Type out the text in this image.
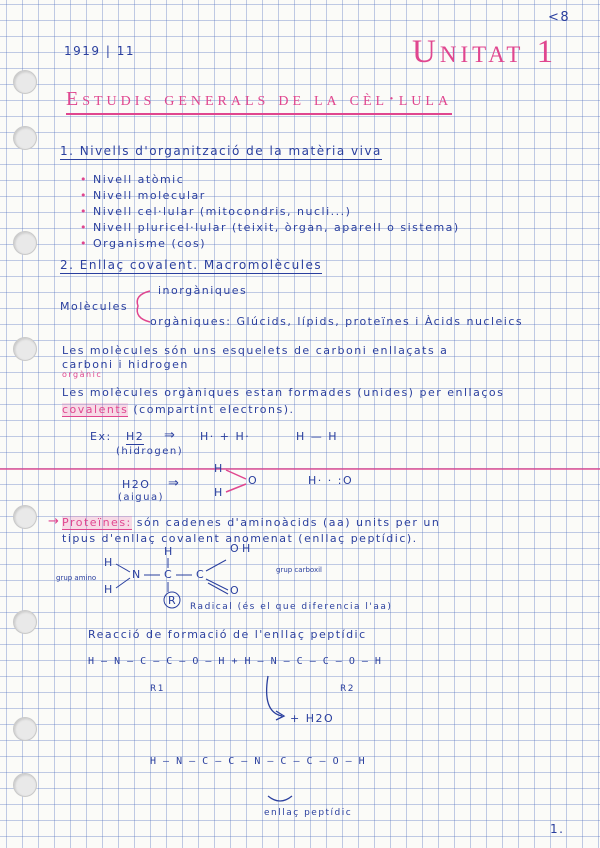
<8
1919 | 11	Unitat 1
Estudis generals de la cèl·lula
1. Nivells d'organització de la matèria viva
• Nivell atòmic
• Nivell molecular
• Nivell cel·lular (mitocondris, nucli...)
• Nivell pluricel·lular (teixit, òrgan, aparell o sistema)
• Organisme (cos)
2. Enllaç covalent. Macromolècules
Molècules
inorgàniques
orgàniques: Glúcids, lípids, proteïnes i Àcids nucleics
Les molècules són uns esquelets de carboni enllaçats a
carboni i hidrogen
orgànic
Les molècules orgàniques estan formades (unides) per enllaços
covalents (compartint electrons).
Ex: H2 ⇒ H· + H·	H — H
(hidrogen)
H2O ⇒
(aigua)
H
H
O	H· · :O
→ Proteïnes: són cadenes d'aminoàcids (aa) units per un
tipus d'enllaç covalent anomenat (enllaç peptídic).
H
H
N C
H
C
O
O H
R
grup amino
grup carboxil
Radical (és el que diferencia l'aa)
Reacció de formació de l'enllaç peptídic
H — N — C — C — O — H + H — N — C — C — O — H
R1	R2
+ H2O
H — N — C — C — N — C — C — O — H
enllaç peptídic
1.
